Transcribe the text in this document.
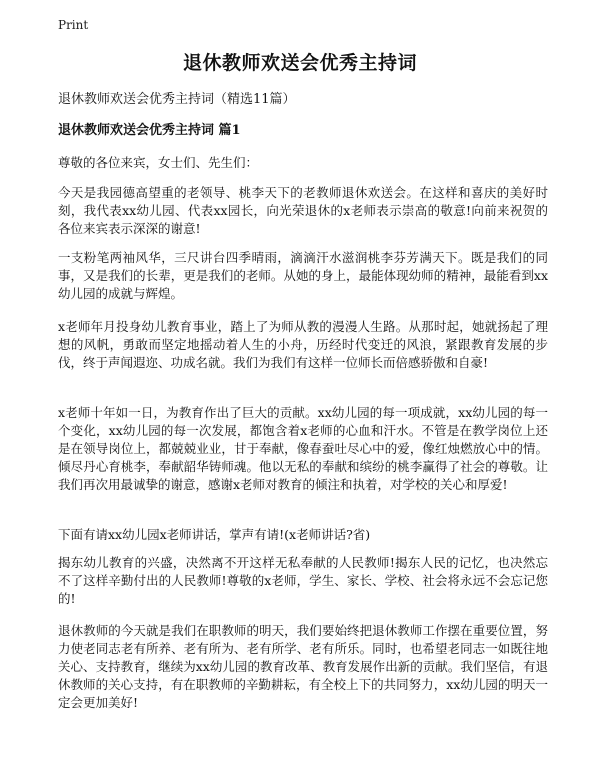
Print
退休教师欢送会优秀主持词
退休教师欢送会优秀主持词（精选11篇）
退休教师欢送会优秀主持词 篇1
尊敬的各位来宾，女士们、先生们：
今天是我园德高望重的老领导、桃李天下的老教师退休欢送会。在这样和喜庆的美好时刻，我代表xx幼儿园、代表xx园长，向光荣退休的x老师表示崇高的敬意!向前来祝贺的各位来宾表示深深的谢意!
一支粉笔两袖风华，三尺讲台四季晴雨，滴滴汗水滋润桃李芬芳满天下。既是我们的同事，又是我们的长辈，更是我们的老师。从她的身上，最能体现幼师的精神，最能看到xx幼儿园的成就与辉煌。
x老师年月投身幼儿教育事业，踏上了为师从教的漫漫人生路。从那时起，她就扬起了理想的风帆，勇敢而坚定地摇动着人生的小舟，历经时代变迁的风浪，紧跟教育发展的步伐，终于声闻遐迩、功成名就。我们为我们有这样一位师长而倍感骄傲和自豪!
x老师十年如一日，为教育作出了巨大的贡献。xx幼儿园的每一项成就，xx幼儿园的每一个变化，xx幼儿园的每一次发展，都饱含着x老师的心血和汗水。不管是在教学岗位上还是在领导岗位上，都兢兢业业，甘于奉献，像春蚕吐尽心中的爱，像红烛燃放心中的情。倾尽丹心育桃李，奉献韶华铸师魂。他以无私的奉献和缤纷的桃李赢得了社会的尊敬。让我们再次用最诚挚的谢意，感谢x老师对教育的倾注和执着，对学校的关心和厚爱!
下面有请xx幼儿园x老师讲话，掌声有请!(x老师讲话?省)
揭东幼儿教育的兴盛，决然离不开这样无私奉献的人民教师!揭东人民的记忆，也决然忘不了这样辛勤付出的人民教师!尊敬的x老师，学生、家长、学校、社会将永远不会忘记您的!
退休教师的今天就是我们在职教师的明天，我们要始终把退休教师工作摆在重要位置，努力使老同志老有所养、老有所为、老有所学、老有所乐。同时，也希望老同志一如既往地关心、支持教育，继续为xx幼儿园的教育改革、教育发展作出新的贡献。我们坚信，有退休教师的关心支持，有在职教师的辛勤耕耘，有全校上下的共同努力，xx幼儿园的明天一定会更加美好!
